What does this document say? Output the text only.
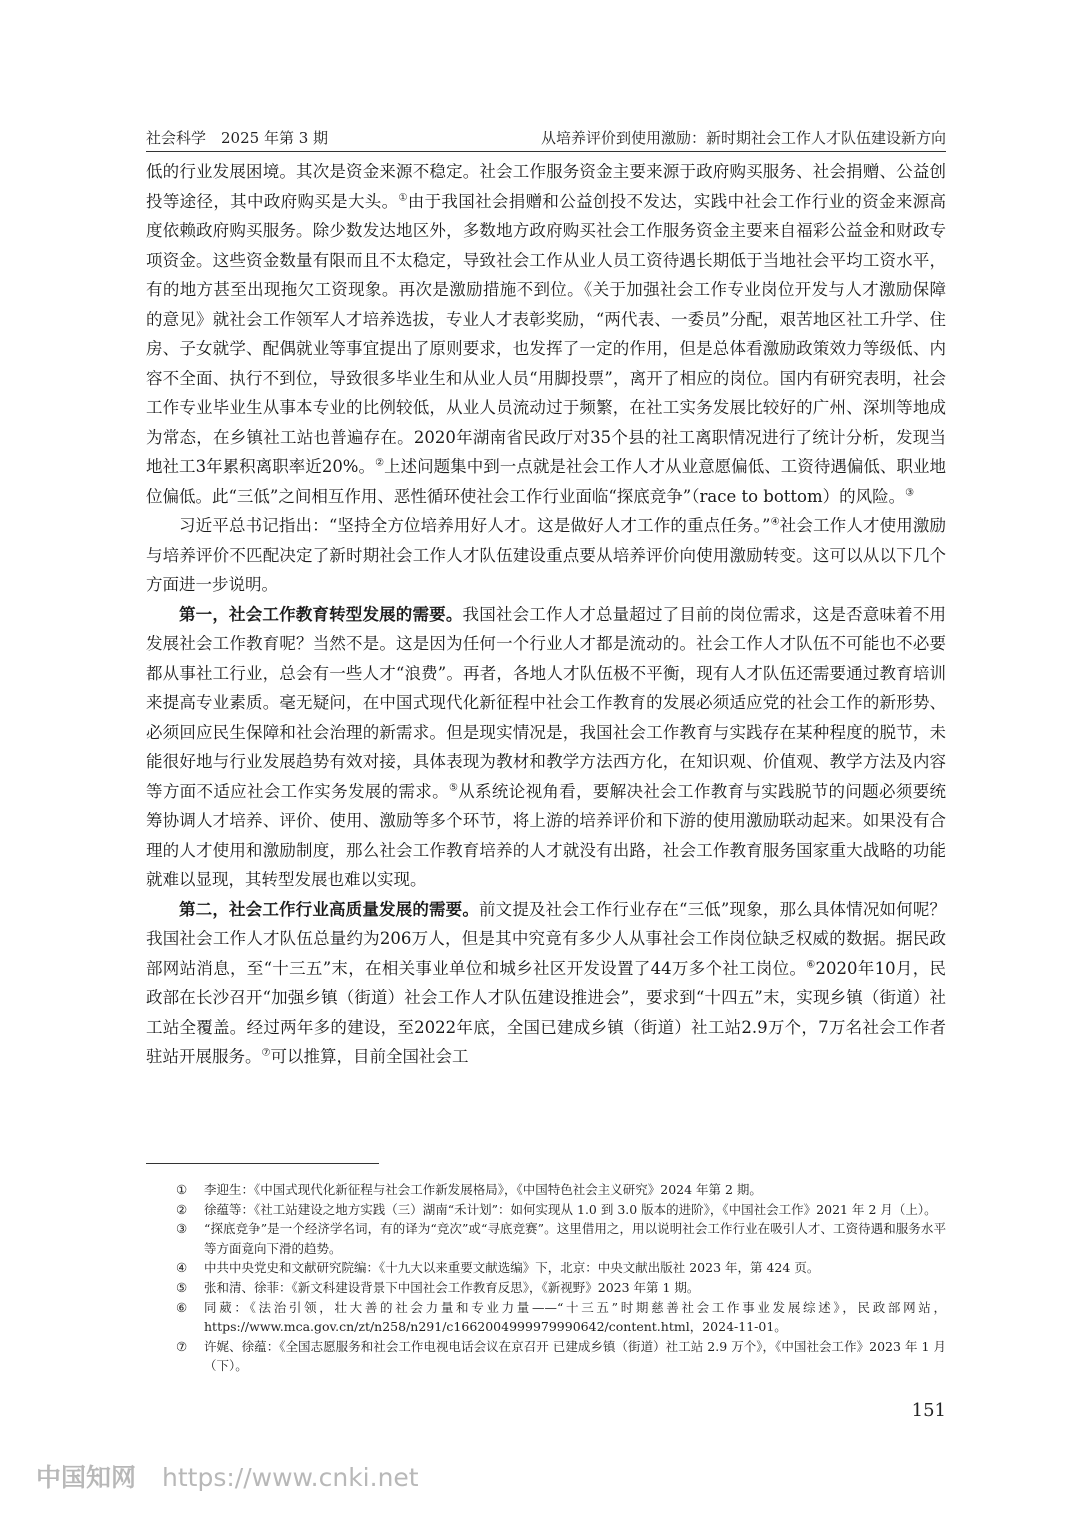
社会科学　2025 年第 3 期	从培养评价到使用激励：新时期社会工作人才队伍建设新方向

低的行业发展困境。其次是资金来源不稳定。社会工作服务资金主要来源于政府购买服务、社会捐赠、公益创投等途径，其中政府购买是大头。①由于我国社会捐赠和公益创投不发达，实践中社会工作行业的资金来源高度依赖政府购买服务。除少数发达地区外，多数地方政府购买社会工作服务资金主要来自福彩公益金和财政专项资金。这些资金数量有限而且不太稳定，导致社会工作从业人员工资待遇长期低于当地社会平均工资水平，有的地方甚至出现拖欠工资现象。再次是激励措施不到位。《关于加强社会工作专业岗位开发与人才激励保障的意见》就社会工作领军人才培养选拔，专业人才表彰奖励，“两代表、一委员”分配，艰苦地区社工升学、住房、子女就学、配偶就业等事宜提出了原则要求，也发挥了一定的作用，但是总体看激励政策效力等级低、内容不全面、执行不到位，导致很多毕业生和从业人员“用脚投票”，离开了相应的岗位。国内有研究表明，社会工作专业毕业生从事本专业的比例较低，从业人员流动过于频繁，在社工实务发展比较好的广州、深圳等地成为常态，在乡镇社工站也普遍存在。2020年湖南省民政厅对35个县的社工离职情况进行了统计分析，发现当地社工3年累积离职率近20%。②上述问题集中到一点就是社会工作人才从业意愿偏低、工资待遇偏低、职业地位偏低。此“三低”之间相互作用、恶性循环使社会工作行业面临“探底竞争”（race to bottom）的风险。③

习近平总书记指出：“坚持全方位培养用好人才。这是做好人才工作的重点任务。”④社会工作人才使用激励与培养评价不匹配决定了新时期社会工作人才队伍建设重点要从培养评价向使用激励转变。这可以从以下几个方面进一步说明。

第一，社会工作教育转型发展的需要。我国社会工作人才总量超过了目前的岗位需求，这是否意味着不用发展社会工作教育呢？当然不是。这是因为任何一个行业人才都是流动的。社会工作人才队伍不可能也不必要都从事社工行业，总会有一些人才“浪费”。再者，各地人才队伍极不平衡，现有人才队伍还需要通过教育培训来提高专业素质。毫无疑问，在中国式现代化新征程中社会工作教育的发展必须适应党的社会工作的新形势、必须回应民生保障和社会治理的新需求。但是现实情况是，我国社会工作教育与实践存在某种程度的脱节，未能很好地与行业发展趋势有效对接，具体表现为教材和教学方法西方化，在知识观、价值观、教学方法及内容等方面不适应社会工作实务发展的需求。⑤从系统论视角看，要解决社会工作教育与实践脱节的问题必须要统筹协调人才培养、评价、使用、激励等多个环节，将上游的培养评价和下游的使用激励联动起来。如果没有合理的人才使用和激励制度，那么社会工作教育培养的人才就没有出路，社会工作教育服务国家重大战略的功能就难以显现，其转型发展也难以实现。

第二，社会工作行业高质量发展的需要。前文提及社会工作行业存在“三低”现象，那么具体情况如何呢？我国社会工作人才队伍总量约为206万人，但是其中究竟有多少人从事社会工作岗位缺乏权威的数据。据民政部网站消息，至“十三五”末，在相关事业单位和城乡社区开发设置了44万多个社工岗位。⑥2020年10月，民政部在长沙召开“加强乡镇（街道）社会工作人才队伍建设推进会”，要求到“十四五”末，实现乡镇（街道）社工站全覆盖。经过两年多的建设，至2022年底，全国已建成乡镇（街道）社工站2.9万个，7万名社会工作者驻站开展服务。⑦可以推算，目前全国社会工

① 李迎生：《中国式现代化新征程与社会工作新发展格局》，《中国特色社会主义研究》2024 年第 2 期。
② 徐蕴等：《社工站建设之地方实践（三）湖南“禾计划”：如何实现从 1.0 到 3.0 版本的进阶》，《中国社会工作》2021 年 2 月（上）。
③ “探底竞争”是一个经济学名词，有的译为“竞次”或“寻底竞赛”。这里借用之，用以说明社会工作行业在吸引人才、工资待遇和服务水平等方面竟向下滑的趋势。
④ 中共中央党史和文献研究院编：《十九大以来重要文献选编》下，北京：中央文献出版社 2023 年，第 424 页。
⑤ 张和清、徐菲：《新文科建设背景下中国社会工作教育反思》，《新视野》2023 年第 1 期。
⑥ 同葳：《法治引领，壮大善的社会力量和专业力量——“十三五”时期慈善社会工作事业发展综述》，民政部网站，https://www.mca.gov.cn/zt/n258/n291/c1662004999979990642/content.html，2024-11-01。
⑦ 许娓、徐蕴：《全国志愿服务和社会工作电视电话会议在京召开 已建成乡镇（街道）社工站 2.9 万个》，《中国社会工作》2023 年 1 月（下）。
151
中国知网 https://www.cnki.net
